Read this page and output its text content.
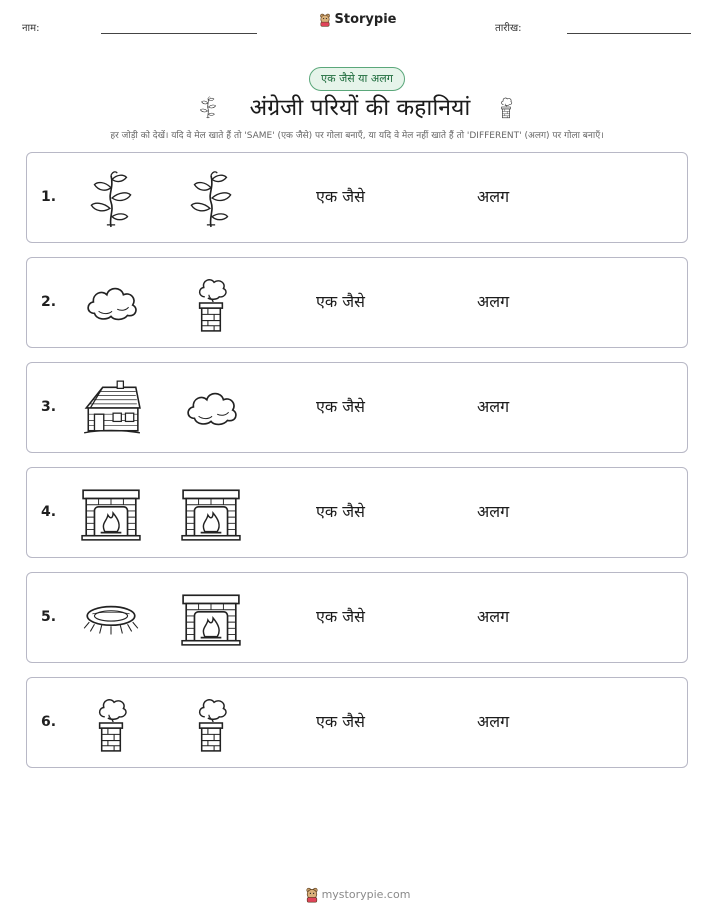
नाम:
Storypie
तारीख:
एक जैसे या अलग
अंग्रेजी परियों की कहानियां
हर जोड़ी को देखें। यदि वे मेल खाते हैं तो 'SAME' (एक जैसे) पर गोला बनाएँ, या यदि वे मेल नहीं खाते हैं तो 'DIFFERENT' (अलग) पर गोला बनाएँ।
1.	एक जैसे	अलग
2.	एक जैसे	अलग
3.	एक जैसे	अलग
4.	एक जैसे	अलग
5.	एक जैसे	अलग
6.	एक जैसे	अलग
mystorypie.com
